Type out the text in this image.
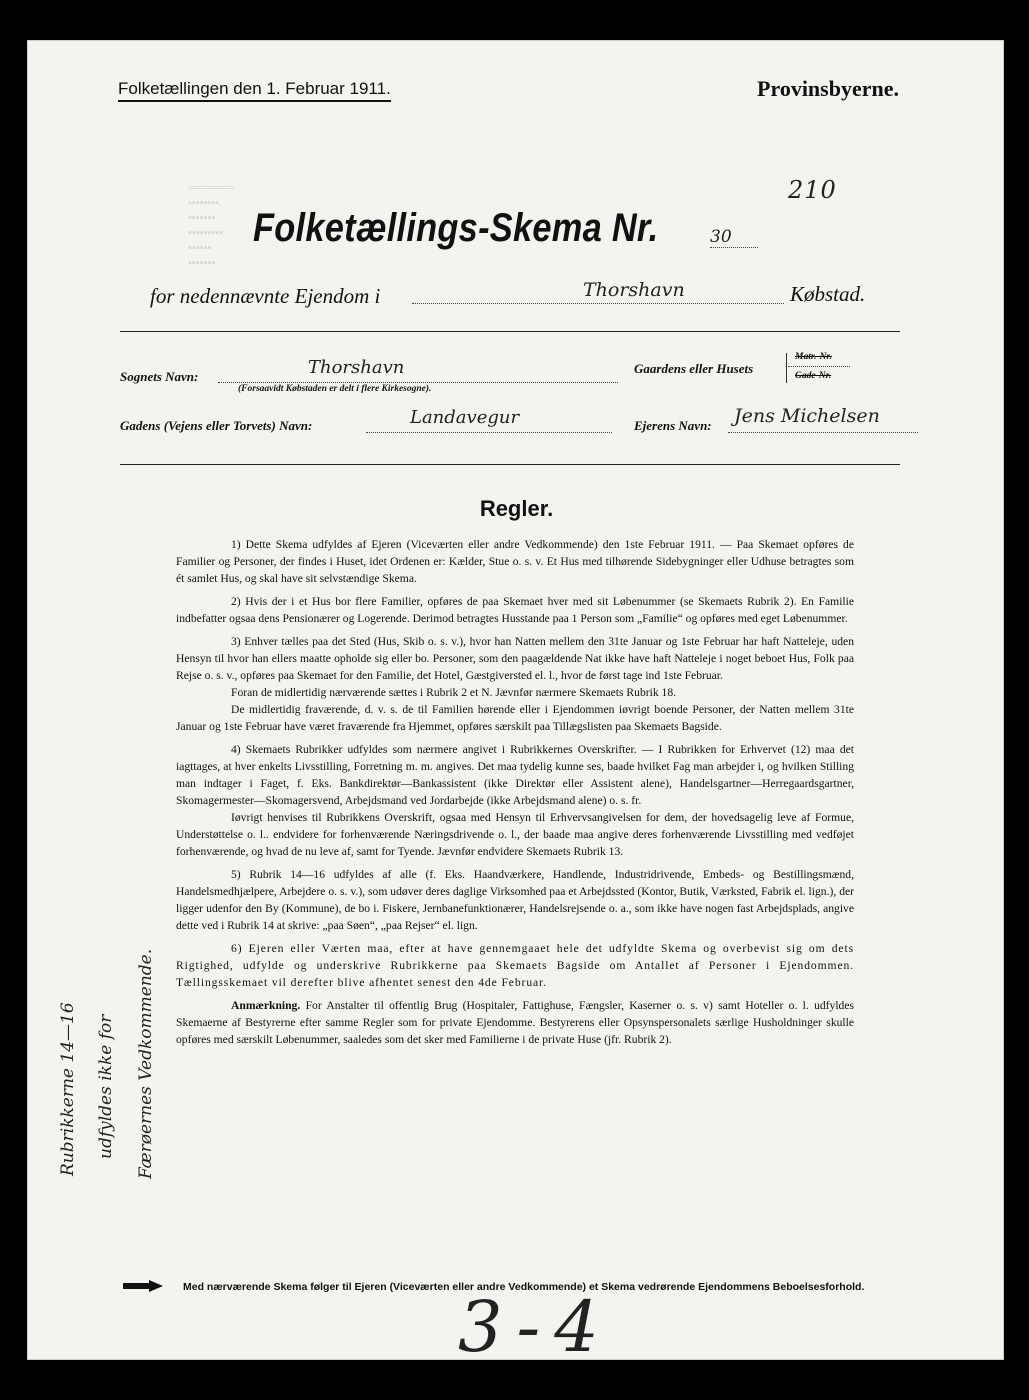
══════
▪▪▪▪▪▪▪▪
▪▪▪▪▪▪▪
▪▪▪▪▪▪▪▪▪
▪▪▪▪▪▪
▪▪▪▪▪▪▪
Folketællingen den 1. Februar 1911.	Provinsbyerne.
210
Folketællings-Skema Nr.	30
for nedennævnte Ejendom i	Thorshavn	Købstad.
Sognets Navn:	Thorshavn
(Forsaavidt Købstaden er delt i flere Kirkesogne).
Gaardens eller Husets
Matr.-Nr.
Gade-Nr.
Gadens (Vejens eller Torvets) Navn:	Landavegur	Ejerens Navn: Jens Michelsen
Regler.

1) Dette Skema udfyldes af Ejeren (Viceværten eller andre Vedkommende) den 1ste Februar 1911. — Paa Skemaet opføres de Familier og Personer, der findes i Huset, idet Ordenen er: Kælder, Stue o. s. v. Et Hus med tilhørende Sidebygninger eller Udhuse betragtes som ét samlet Hus, og skal have sit selvstændige Skema.

2) Hvis der i et Hus bor flere Familier, opføres de paa Skemaet hver med sit Løbenummer (se Skemaets Rubrik 2). En Familie indbefatter ogsaa dens Pensionærer og Logerende. Derimod betragtes Husstande paa 1 Person som „Familie“ og opføres med eget Løbenummer.

3) Enhver tælles paa det Sted (Hus, Skib o. s. v.), hvor han Natten mellem den 31te Januar og 1ste Februar har haft Natteleje, uden Hensyn til hvor han ellers maatte opholde sig eller bo. Personer, som den paagældende Nat ikke have haft Natteleje i noget beboet Hus, Folk paa Rejse o. s. v., opføres paa Skemaet for den Familie, det Hotel, Gæstgiversted el. l., hvor de først tage ind 1ste Februar.

Foran de midlertidig nærværende sættes i Rubrik 2 et N. Jævnfør nærmere Skemaets Rubrik 18.

De midlertidig fraværende, d. v. s. de til Familien hørende eller i Ejendommen iøvrigt boende Personer, der Natten mellem 31te Januar og 1ste Februar have været fraværende fra Hjemmet, opføres særskilt paa Tillægslisten paa Skemaets Bagside.

4) Skemaets Rubrikker udfyldes som nærmere angivet i Rubrikkernes Overskrifter. — I Rubrikken for Erhvervet (12) maa det iagttages, at hver enkelts Livsstilling, Forretning m. m. angives. Det maa tydelig kunne ses, baade hvilket Fag man arbejder i, og hvilken Stilling man indtager i Faget, f. Eks. Bankdirektør—Bankassistent (ikke Direktør eller Assistent alene), Handelsgartner—Herregaardsgartner, Skomagermester—Skomagersvend, Arbejdsmand ved Jordarbejde (ikke Arbejdsmand alene) o. s. fr.

Iøvrigt henvises til Rubrikkens Overskrift, ogsaa med Hensyn til Erhvervsangivelsen for dem, der hovedsagelig leve af Formue, Understøttelse o. l.. endvidere for forhenværende Næringsdrivende o. l., der baade maa angive deres forhenværende Livsstilling med vedføjet forhenværende, og hvad de nu leve af, samt for Tyende. Jævnfør endvidere Skemaets Rubrik 13.

5) Rubrik 14—16 udfyldes af alle (f. Eks. Haandværkere, Handlende, Industridrivende, Embeds- og Bestillingsmænd, Handelsmedhjælpere, Arbejdere o. s. v.), som udøver deres daglige Virksomhed paa et Arbejdssted (Kontor, Butik, Værksted, Fabrik el. lign.), der ligger udenfor den By (Kommune), de bo i. Fiskere, Jernbanefunktionærer, Handelsrejsende o. a., som ikke have nogen fast Arbejdsplads, angive dette ved i Rubrik 14 at skrive: „paa Søen“, „paa Rejser“ el. lign.

6) Ejeren eller Værten maa, efter at have gennemgaaet hele det udfyldte Skema og overbevist sig om dets Rigtighed, udfylde og underskrive Rubrikkerne paa Skemaets Bagside om Antallet af Personer i Ejendommen. Tællingsskemaet vil derefter blive afhentet senest den 4de Februar.

Anmærkning. For Anstalter til offentlig Brug (Hospitaler, Fattighuse, Fængsler, Kaserner o. s. v) samt Hoteller o. l. udfyldes Skemaerne af Bestyrerne efter samme Regler som for private Ejendomme. Bestyrerens eller Opsynspersonalets særlige Husholdninger skulle opføres med særskilt Løbenummer, saaledes som det sker med Familierne i de private Huse (jfr. Rubrik 2).

Med nærværende Skema følger til Ejeren (Viceværten eller andre Vedkommende) et Skema vedrørende Ejendommens Beboelsesforhold.
Rubrikkerne 14—16 udfyldes ikke for Færøernes Vedkommende.
3-4
